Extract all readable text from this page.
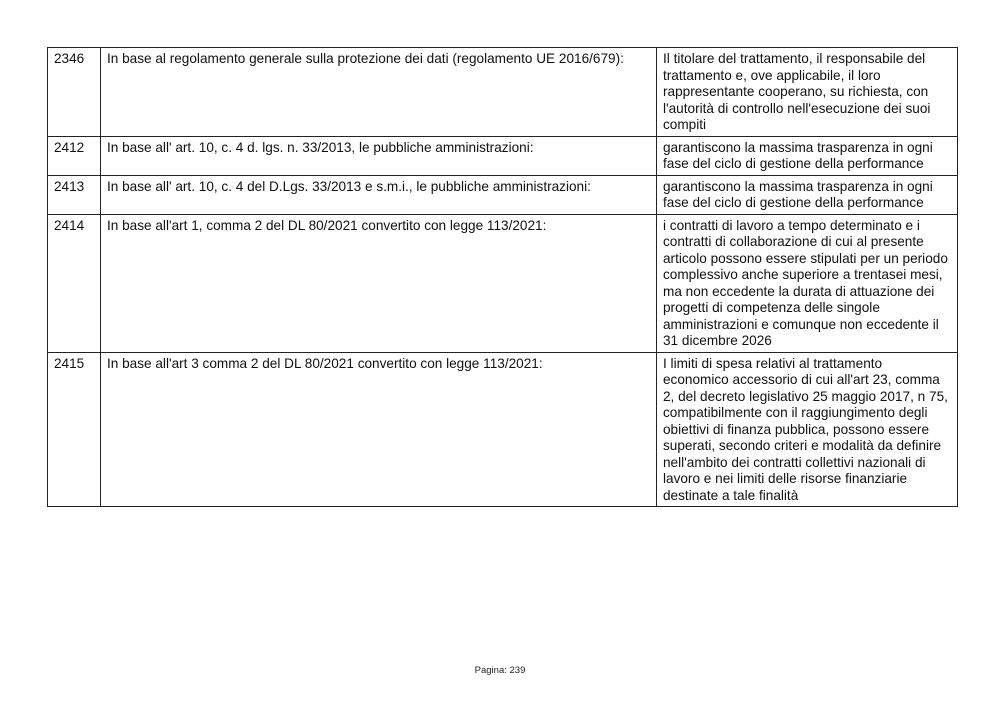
2346	In base al regolamento generale sulla protezione dei dati (regolamento UE 2016/679):	Il titolare del trattamento, il responsabile del trattamento e, ove applicabile, il loro rappresentante cooperano, su richiesta, con l'autorità di controllo nell'esecuzione dei suoi compiti
2412	In base all' art. 10, c. 4 d. lgs. n. 33/2013, le pubbliche amministrazioni:	garantiscono la massima trasparenza in ogni fase del ciclo di gestione della performance
2413	In base all' art. 10, c. 4 del D.Lgs. 33/2013 e s.m.i., le pubbliche amministrazioni:	garantiscono la massima trasparenza in ogni fase del ciclo di gestione della performance
2414	In base all'art 1, comma 2 del DL 80/2021 convertito con legge 113/2021:	i contratti di lavoro a tempo determinato e i contratti di collaborazione di cui al presente articolo possono essere stipulati per un periodo complessivo anche superiore a trentasei mesi, ma non eccedente la durata di attuazione dei progetti di competenza delle singole amministrazioni e comunque non eccedente il 31 dicembre 2026
2415	In base all'art 3 comma 2 del DL 80/2021 convertito con legge 113/2021:	I limiti di spesa relativi al trattamento economico accessorio di cui all'art 23, comma 2, del decreto legislativo 25 maggio 2017, n 75, compatibilmente con il raggiungimento degli obiettivi di finanza pubblica, possono essere superati, secondo criteri e modalità da definire nell'ambito dei contratti collettivi nazionali di lavoro e nei limiti delle risorse finanziarie destinate a tale finalità
Pagina: 239
